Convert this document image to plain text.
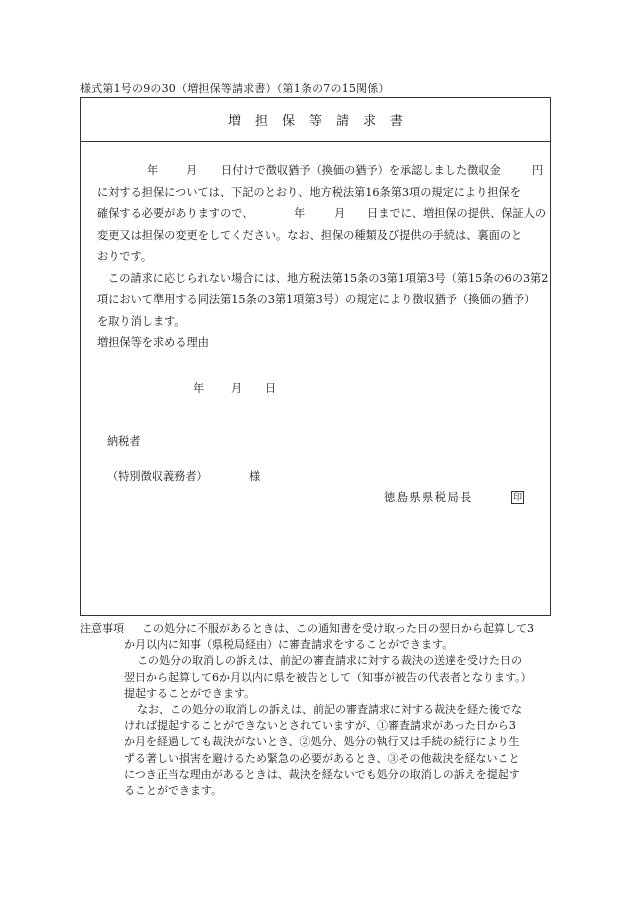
様式第1号の9の30（増担保等請求書）（第1条の7の15関係）
増担保等請求書
年 月 日付けで徴収猶予（換価の猶予）を承認しました徴収金	円
に対する担保については、下記のとおり、地方税法第16条第3項の規定により担保を
確保する必要がありますので、	年	月 日までに、増担保の提供、保証人の
変更又は担保の変更をしてください。なお、担保の種類及び提供の手続は、裏面のと
おりです。
この請求に応じられない場合には、地方税法第15条の3第1項第3号（第15条の6の3第2
項において準用する同法第15条の3第1項第3号）の規定により徴収猶予（換価の猶予）
を取り消します。
増担保等を求める理由
年 月 日
納税者
（特別徴収義務者）	様
徳島県県税局長	印
注意事項 この処分に不服があるときは、この通知書を受け取った日の翌日から起算して3
か月以内に知事（県税局経由）に審査請求をすることができます。
この処分の取消しの訴えは、前記の審査請求に対する裁決の送達を受けた日の
翌日から起算して6か月以内に県を被告として（知事が被告の代表者となります。）
提起することができます。
なお、この処分の取消しの訴えは、前記の審査請求に対する裁決を経た後でな
ければ提起することができないとされていますが、①審査請求があった日から3
か月を経過しても裁決がないとき、②処分、処分の執行又は手続の続行により生
ずる著しい損害を避けるため緊急の必要があるとき、③その他裁決を経ないこと
につき正当な理由があるときは、裁決を経ないでも処分の取消しの訴えを提起す
ることができます。
